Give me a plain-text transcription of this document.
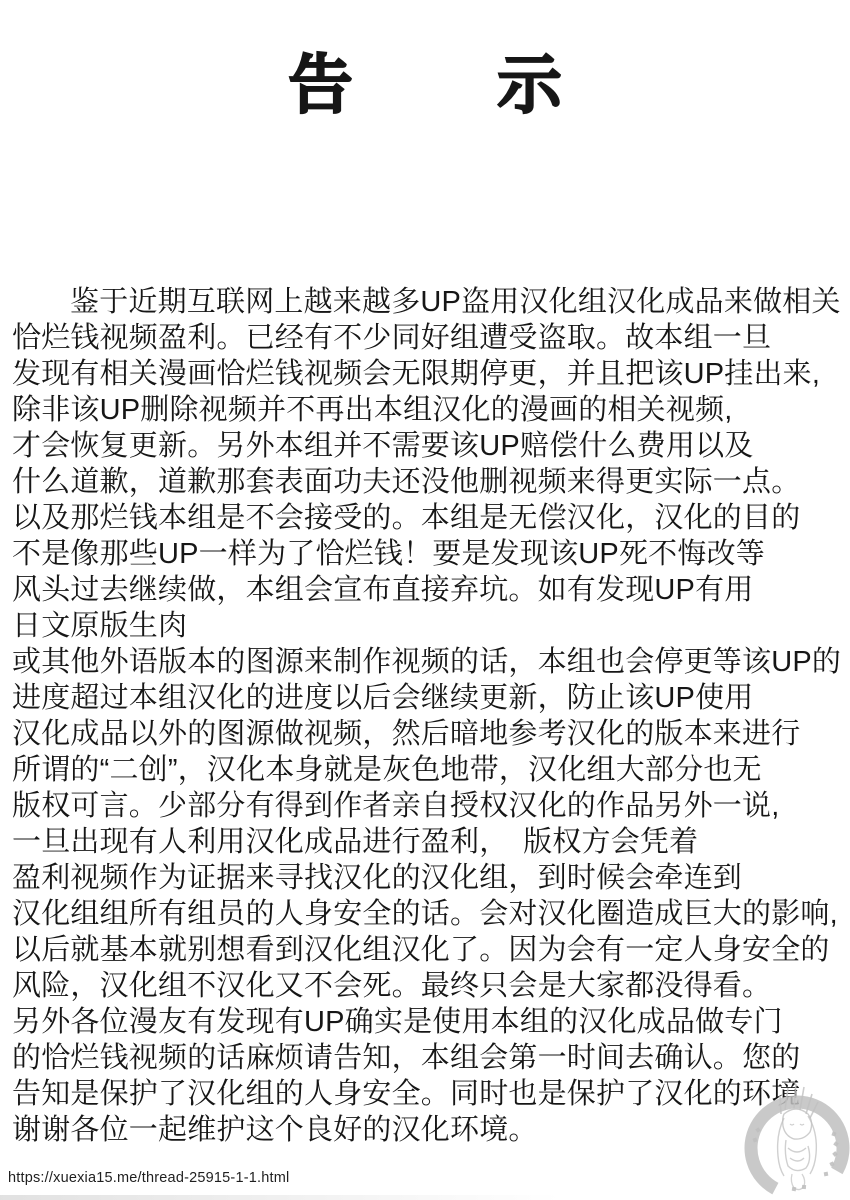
告 示
鉴于近期互联网上越来越多UP盗用汉化组汉化成品来做相关
恰烂钱视频盈利。已经有不少同好组遭受盗取。故本组一旦
发现有相关漫画恰烂钱视频会无限期停更，并且把该UP挂出来,
除非该UP删除视频并不再出本组汉化的漫画的相关视频,
才会恢复更新。另外本组并不需要该UP赔偿什么费用以及
什么道歉，道歉那套表面功夫还没他删视频来得更实际一点。
以及那烂钱本组是不会接受的。本组是无偿汉化，汉化的目的
不是像那些UP一样为了恰烂钱！要是发现该UP死不悔改等
风头过去继续做，本组会宣布直接弃坑。如有发现UP有用
日文原版生肉
或其他外语版本的图源来制作视频的话，本组也会停更等该UP的
进度超过本组汉化的进度以后会继续更新，防止该UP使用
汉化成品以外的图源做视频，然后暗地参考汉化的版本来进行
所谓的“二创”，汉化本身就是灰色地带，汉化组大部分也无
版权可言。少部分有得到作者亲自授权汉化的作品另外一说,
一旦出现有人利用汉化成品进行盈利，　版权方会凭着
盈利视频作为证据来寻找汉化的汉化组，到时候会牵连到
汉化组组所有组员的人身安全的话。会对汉化圈造成巨大的影响,
以后就基本就别想看到汉化组汉化了。因为会有一定人身安全的
风险，汉化组不汉化又不会死。最终只会是大家都没得看。
另外各位漫友有发现有UP确实是使用本组的汉化成品做专门
的恰烂钱视频的话麻烦请告知，本组会第一时间去确认。您的
告知是保护了汉化组的人身安全。同时也是保护了汉化的环境
谢谢各位一起维护这个良好的汉化环境。
https://xuexia15.me/thread-25915-1-1.html
